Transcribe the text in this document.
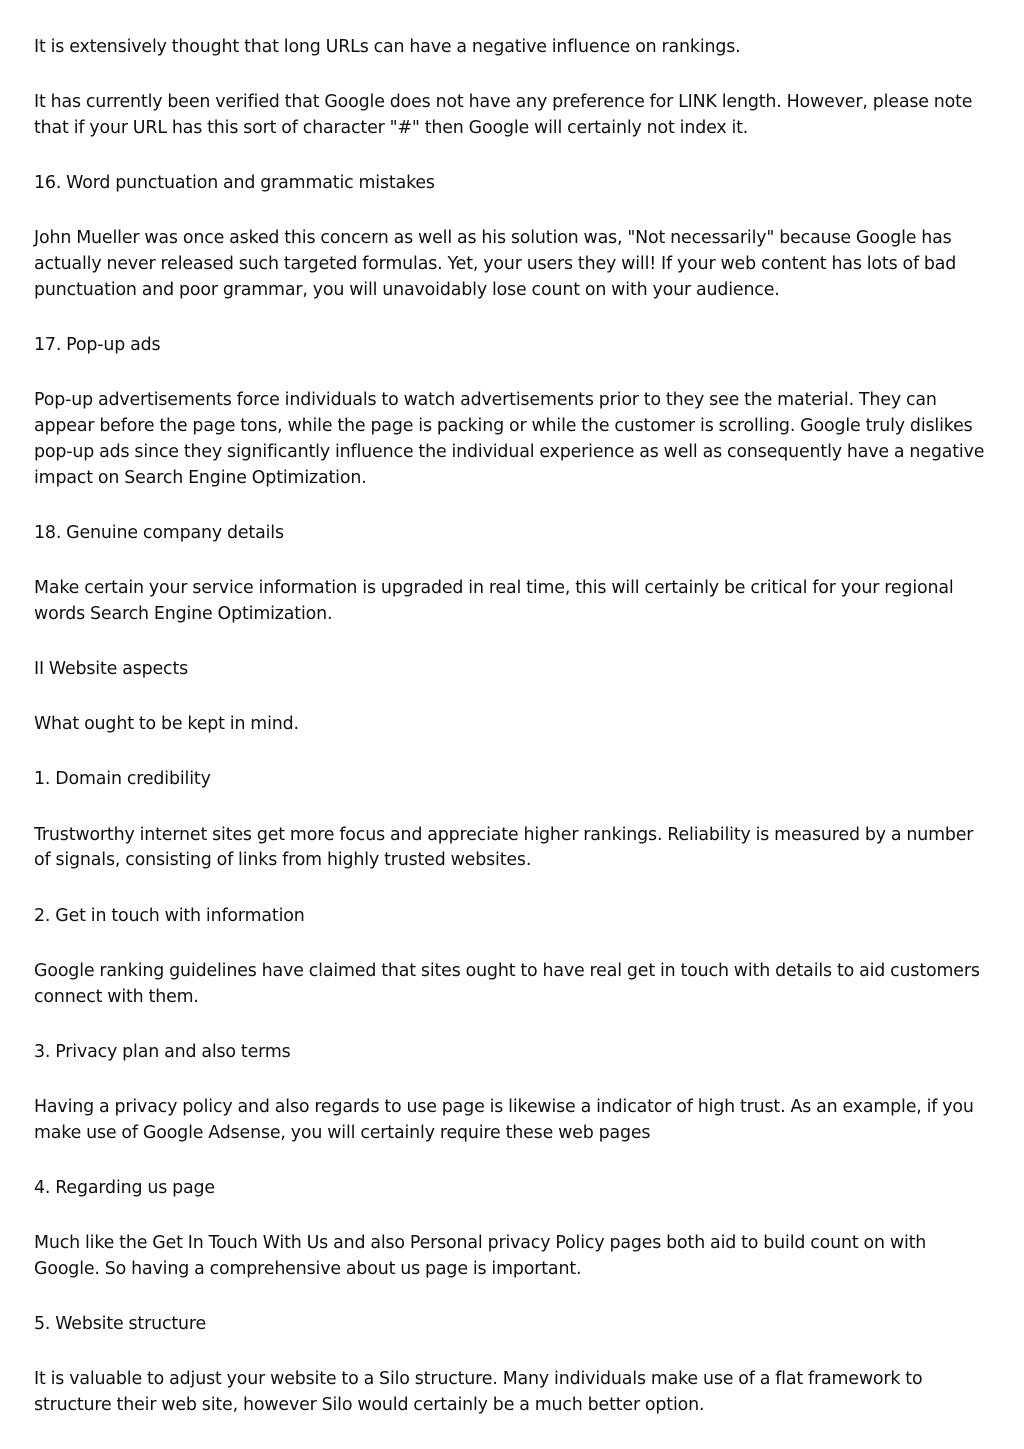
It is extensively thought that long URLs can have a negative influence on rankings.

It has currently been verified that Google does not have any preference for LINK length. However, please note that if your URL has this sort of character "#" then Google will certainly not index it.

16. Word punctuation and grammatic mistakes

John Mueller was once asked this concern as well as his solution was, "Not necessarily" because Google has actually never released such targeted formulas. Yet, your users they will! If your web content has lots of bad punctuation and poor grammar, you will unavoidably lose count on with your audience.

17. Pop-up ads

Pop-up advertisements force individuals to watch advertisements prior to they see the material. They can appear before the page tons, while the page is packing or while the customer is scrolling. Google truly dislikes pop-up ads since they significantly influence the individual experience as well as consequently have a negative impact on Search Engine Optimization.

18. Genuine company details

Make certain your service information is upgraded in real time, this will certainly be critical for your regional words Search Engine Optimization.

II Website aspects

What ought to be kept in mind.

1. Domain credibility

Trustworthy internet sites get more focus and appreciate higher rankings. Reliability is measured by a number of signals, consisting of links from highly trusted websites.

2. Get in touch with information

Google ranking guidelines have claimed that sites ought to have real get in touch with details to aid customers connect with them.

3. Privacy plan and also terms

Having a privacy policy and also regards to use page is likewise a indicator of high trust. As an example, if you make use of Google Adsense, you will certainly require these web pages

4. Regarding us page

Much like the Get In Touch With Us and also Personal privacy Policy pages both aid to build count on with Google. So having a comprehensive about us page is important.

5. Website structure

It is valuable to adjust your website to a Silo structure. Many individuals make use of a flat framework to structure their web site, however Silo would certainly be a much better option.
